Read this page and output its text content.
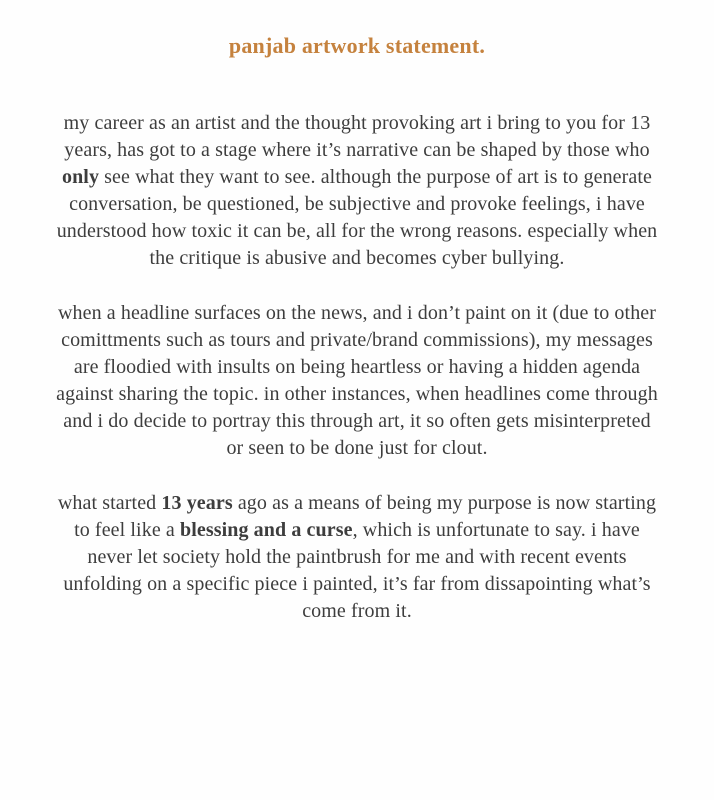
panjab artwork statement.

my career as an artist and the thought provoking art i bring to you for 13 years, has got to a stage where it’s narrative can be shaped by those who only see what they want to see. although the purpose of art is to generate conversation, be questioned, be subjective and provoke feelings, i have understood how toxic it can be, all for the wrong reasons. especially when the critique is abusive and becomes cyber bullying.

when a headline surfaces on the news, and i don’t paint on it (due to other comittments such as tours and private/brand commissions), my messages are floodied with insults on being heartless or having a hidden agenda against sharing the topic. in other instances, when headlines come through and i do decide to portray this through art, it so often gets misinterpreted or seen to be done just for clout.

what started 13 years ago as a means of being my purpose is now starting to feel like a blessing and a curse, which is unfortunate to say. i have never let society hold the paintbrush for me and with recent events unfolding on a specific piece i painted, it’s far from dissapointing what’s come from it.
